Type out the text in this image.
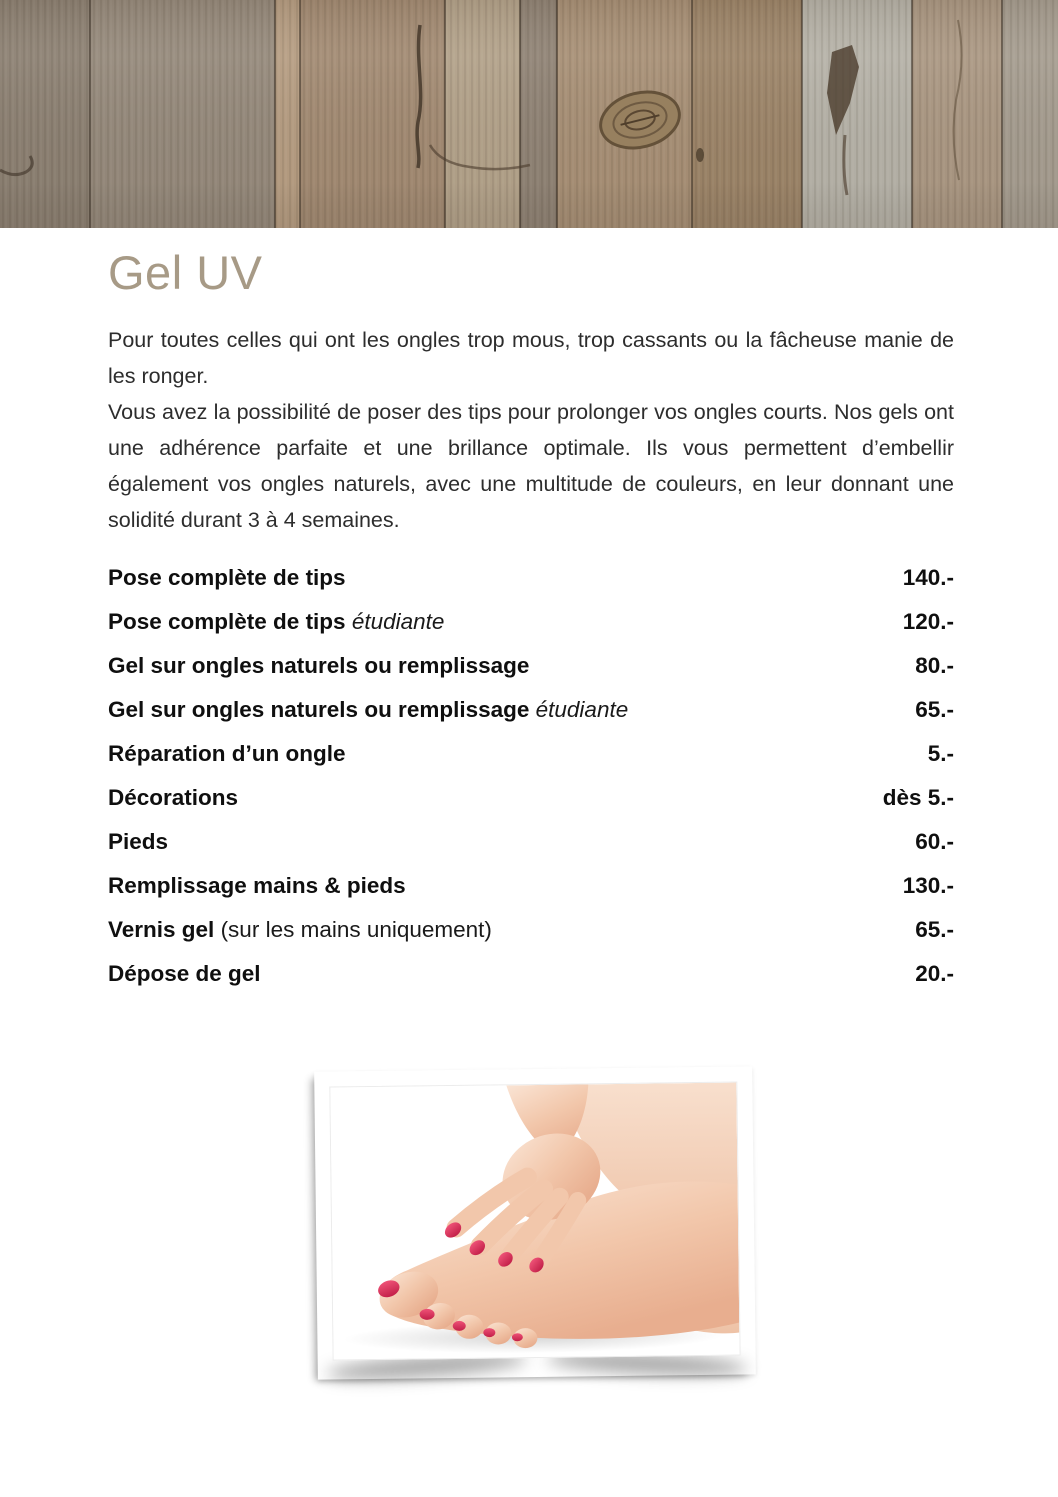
Gel UV

Pour toutes celles qui ont les ongles trop mous, trop cassants ou la fâcheuse manie de les ronger.

Vous avez la possibilité de poser des tips pour prolonger vos ongles courts. Nos gels ont une adhérence parfaite et une brillance optimale. Ils vous permettent d’embellir également vos ongles naturels, avec une multitude de couleurs, en leur donnant une solidité durant 3 à 4 semaines.

Pose complète de tips	140.-
Pose complète de tips étudiante	120.-
Gel sur ongles naturels ou remplissage	80.-
Gel sur ongles naturels ou remplissage étudiante	65.-
Réparation d’un ongle	5.-
Décorations	dès 5.-
Pieds	60.-
Remplissage mains & pieds	130.-
Vernis gel (sur les mains uniquement)	65.-
Dépose de gel	20.-
